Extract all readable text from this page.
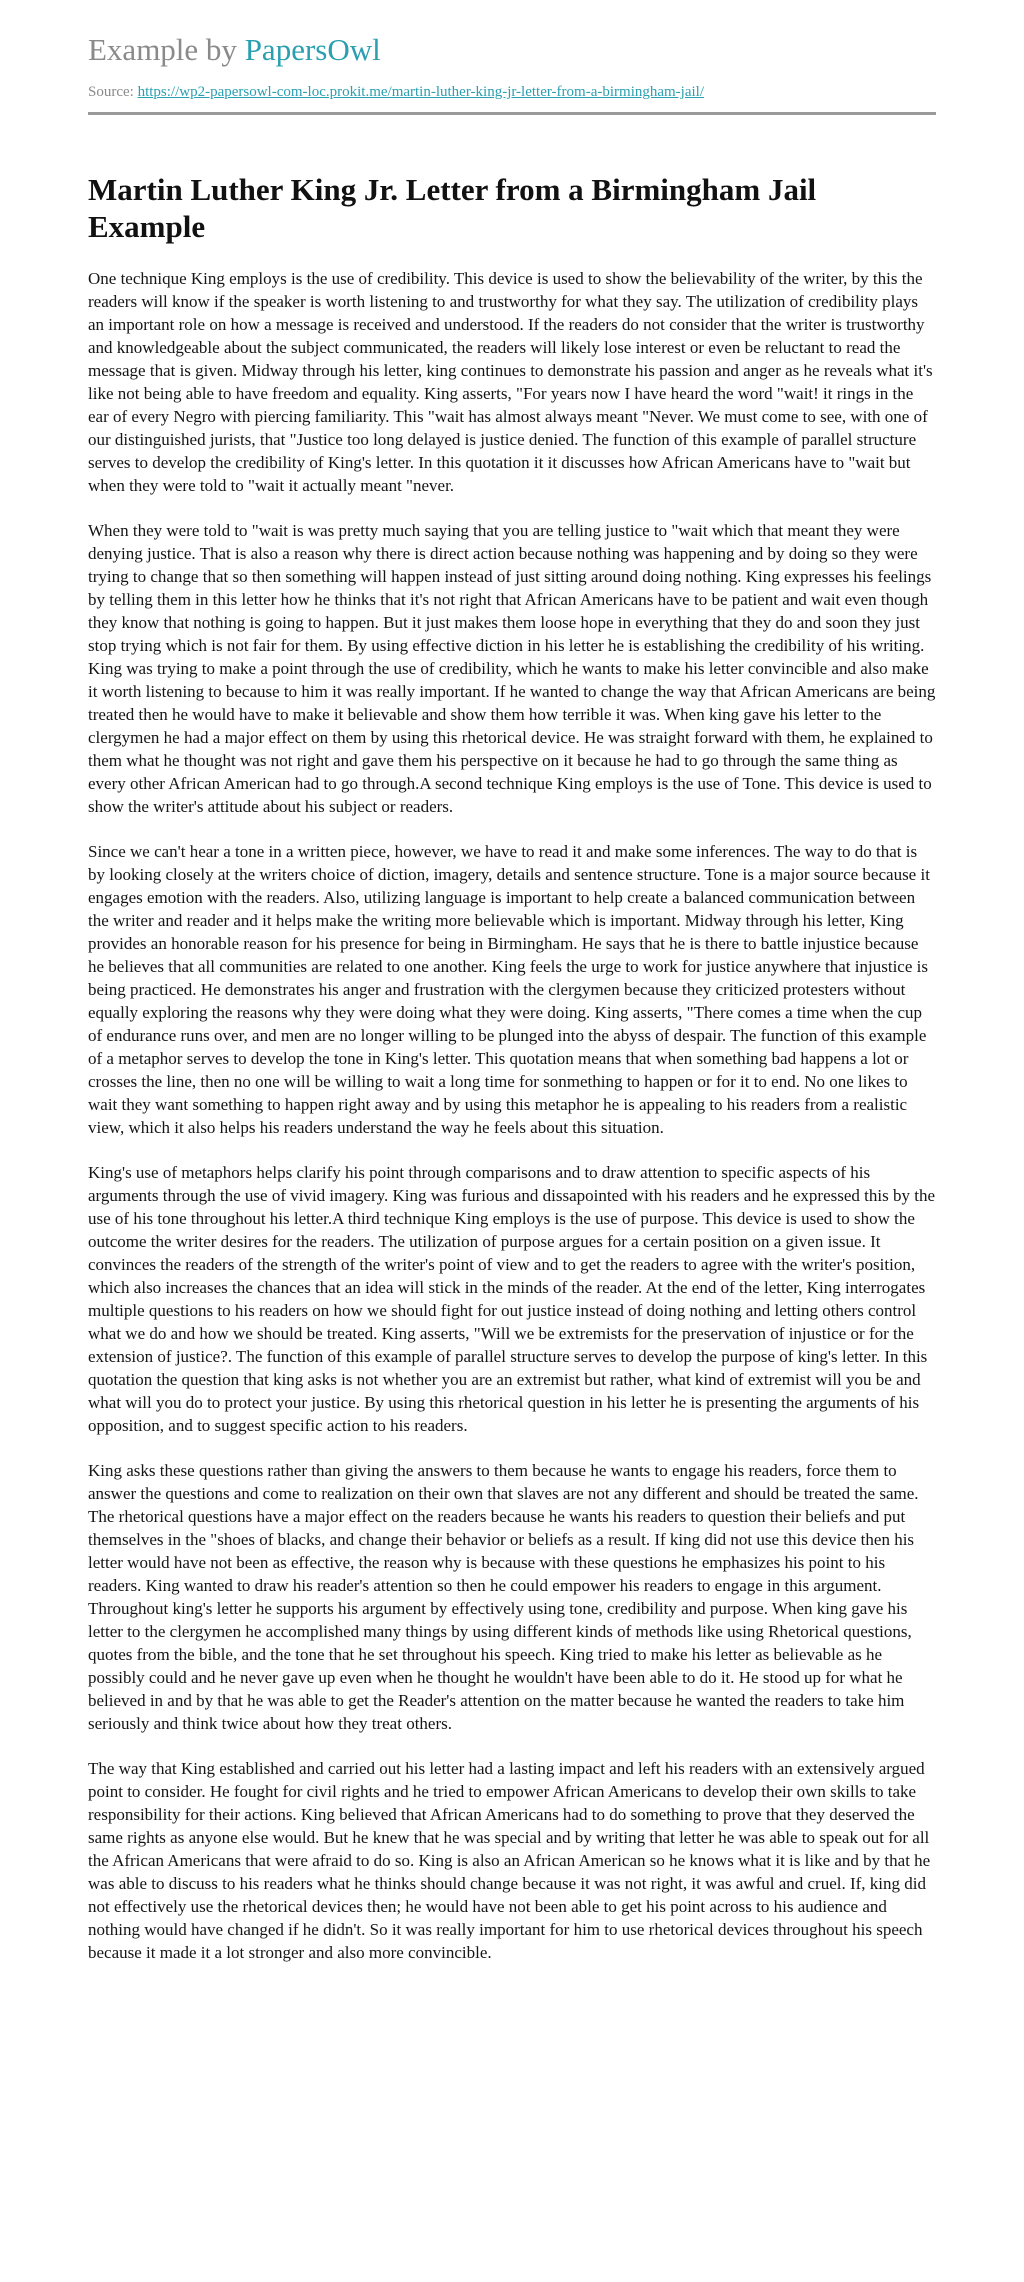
Example by PapersOwl
Source: https://wp2-papersowl-com-loc.prokit.me/martin-luther-king-jr-letter-from-a-birmingham-jail/
Martin Luther King Jr. Letter from a Birmingham Jail Example

One technique King employs is the use of credibility. This device is used to show the believability of the writer, by this the readers will know if the speaker is worth listening to and trustworthy for what they say. The utilization of credibility plays an important role on how a message is received and understood. If the readers do not consider that the writer is trustworthy and knowledgeable about the subject communicated, the readers will likely lose interest or even be reluctant to read the message that is given. Midway through his letter, king continues to demonstrate his passion and anger as he reveals what it's like not being able to have freedom and equality. King asserts, "For years now I have heard the word "wait! it rings in the ear of every Negro with piercing familiarity. This "wait has almost always meant "Never. We must come to see, with one of our distinguished jurists, that "Justice too long delayed is justice denied. The function of this example of parallel structure serves to develop the credibility of King's letter. In this quotation it it discusses how African Americans have to "wait but when they were told to "wait it actually meant "never.

When they were told to "wait is was pretty much saying that you are telling justice to "wait which that meant they were denying justice. That is also a reason why there is direct action because nothing was happening and by doing so they were trying to change that so then something will happen instead of just sitting around doing nothing. King expresses his feelings by telling them in this letter how he thinks that it's not right that African Americans have to be patient and wait even though they know that nothing is going to happen. But it just makes them loose hope in everything that they do and soon they just stop trying which is not fair for them. By using effective diction in his letter he is establishing the credibility of his writing. King was trying to make a point through the use of credibility, which he wants to make his letter convincible and also make it worth listening to because to him it was really important. If he wanted to change the way that African Americans are being treated then he would have to make it believable and show them how terrible it was. When king gave his letter to the clergymen he had a major effect on them by using this rhetorical device. He was straight forward with them, he explained to them what he thought was not right and gave them his perspective on it because he had to go through the same thing as every other African American had to go through.A second technique King employs is the use of Tone. This device is used to show the writer's attitude about his subject or readers.

Since we can't hear a tone in a written piece, however, we have to read it and make some inferences. The way to do that is by looking closely at the writers choice of diction, imagery, details and sentence structure. Tone is a major source because it engages emotion with the readers. Also, utilizing language is important to help create a balanced communication between the writer and reader and it helps make the writing more believable which is important. Midway through his letter, King provides an honorable reason for his presence for being in Birmingham. He says that he is there to battle injustice because he believes that all communities are related to one another. King feels the urge to work for justice anywhere that injustice is being practiced. He demonstrates his anger and frustration with the clergymen because they criticized protesters without equally exploring the reasons why they were doing what they were doing. King asserts, "There comes a time when the cup of endurance runs over, and men are no longer willing to be plunged into the abyss of despair. The function of this example of a metaphor serves to develop the tone in King's letter. This quotation means that when something bad happens a lot or crosses the line, then no one will be willing to wait a long time for sonmething to happen or for it to end. No one likes to wait they want something to happen right away and by using this metaphor he is appealing to his readers from a realistic view, which it also helps his readers understand the way he feels about this situation.

King's use of metaphors helps clarify his point through comparisons and to draw attention to specific aspects of his arguments through the use of vivid imagery. King was furious and dissapointed with his readers and he expressed this by the use of his tone throughout his letter.A third technique King employs is the use of purpose. This device is used to show the outcome the writer desires for the readers. The utilization of purpose argues for a certain position on a given issue. It convinces the readers of the strength of the writer's point of view and to get the readers to agree with the writer's position, which also increases the chances that an idea will stick in the minds of the reader. At the end of the letter, King interrogates multiple questions to his readers on how we should fight for out justice instead of doing nothing and letting others control what we do and how we should be treated. King asserts, "Will we be extremists for the preservation of injustice or for the extension of justice?. The function of this example of parallel structure serves to develop the purpose of king's letter. In this quotation the question that king asks is not whether you are an extremist but rather, what kind of extremist will you be and what will you do to protect your justice. By using this rhetorical question in his letter he is presenting the arguments of his opposition, and to suggest specific action to his readers.

King asks these questions rather than giving the answers to them because he wants to engage his readers, force them to answer the questions and come to realization on their own that slaves are not any different and should be treated the same. The rhetorical questions have a major effect on the readers because he wants his readers to question their beliefs and put themselves in the "shoes of blacks, and change their behavior or beliefs as a result. If king did not use this device then his letter would have not been as effective, the reason why is because with these questions he emphasizes his point to his readers. King wanted to draw his reader's attention so then he could empower his readers to engage in this argument. Throughout king's letter he supports his argument by effectively using tone, credibility and purpose. When king gave his letter to the clergymen he accomplished many things by using different kinds of methods like using Rhetorical questions, quotes from the bible, and the tone that he set throughout his speech. King tried to make his letter as believable as he possibly could and he never gave up even when he thought he wouldn't have been able to do it. He stood up for what he believed in and by that he was able to get the Reader's attention on the matter because he wanted the readers to take him seriously and think twice about how they treat others.

The way that King established and carried out his letter had a lasting impact and left his readers with an extensively argued point to consider. He fought for civil rights and he tried to empower African Americans to develop their own skills to take responsibility for their actions. King believed that African Americans had to do something to prove that they deserved the same rights as anyone else would. But he knew that he was special and by writing that letter he was able to speak out for all the African Americans that were afraid to do so. King is also an African American so he knows what it is like and by that he was able to discuss to his readers what he thinks should change because it was not right, it was awful and cruel. If, king did not effectively use the rhetorical devices then; he would have not been able to get his point across to his audience and nothing would have changed if he didn't. So it was really important for him to use rhetorical devices throughout his speech because it made it a lot stronger and also more convincible.
